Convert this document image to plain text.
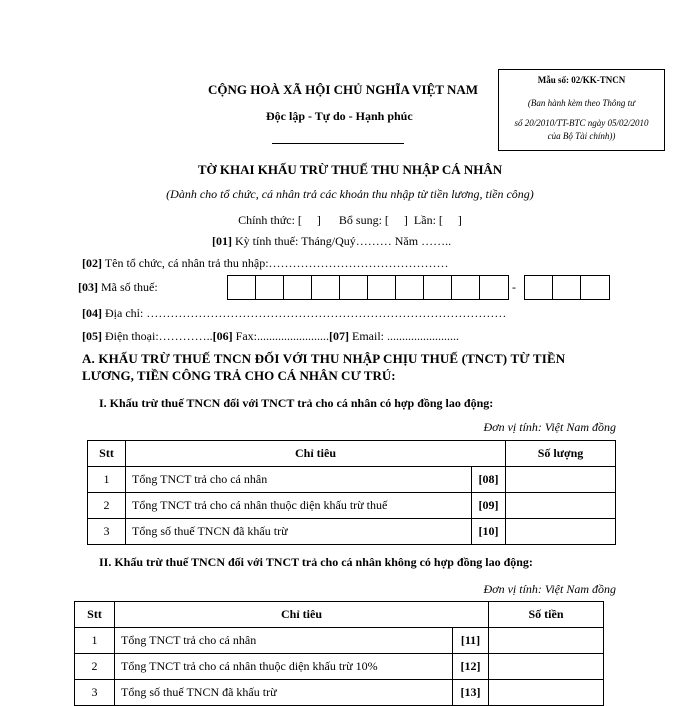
CỘNG HOÀ XÃ HỘI CHỦ NGHĨA VIỆT NAM
Độc lập - Tự do - Hạnh phúc
Mẫu số: 02/KK-TNCN
(Ban hành kèm theo Thông tư
số 20/2010/TT-BTC ngày 05/02/2010
của Bộ Tài chính))
TỜ KHAI KHẤU TRỪ THUẾ THU NHẬP CÁ NHÂN
(Dành cho tổ chức, cá nhân trả các khoản thu nhập từ tiền lương, tiền công)
Chính thức: [     ]      Bổ sung: [     ]  Lần: [     ]
[01] Kỳ tính thuế: Tháng/Quý……… Năm ……..
[02] Tên tổ chức, cá nhân trả thu nhập:………………………………………
[03] Mã số thuế:	-
[04] Địa chỉ: ………………………………………………………………………………
[05] Điện thoại:…………..[06] Fax:........................[07] Email: ........................
A. KHẤU TRỪ THUẾ TNCN ĐỐI VỚI THU NHẬP CHỊU THUẾ (TNCT) TỪ TIỀN
LƯƠNG, TIỀN CÔNG TRẢ CHO CÁ NHÂN CƯ TRÚ:
I. Khấu trừ thuế TNCN đối với TNCT trả cho cá nhân có hợp đồng lao động:
Đơn vị tính: Việt Nam đồng
Stt	Chỉ tiêu		Số lượng
1	Tổng TNCT trả cho cá nhân	[08]	
2	Tổng TNCT trả cho cá nhân thuộc diện khấu trừ thuế	[09]	
3	Tổng số thuế TNCN đã khấu trừ	[10]	
II. Khấu trừ thuế TNCN đối với TNCT trả cho cá nhân không có hợp đồng lao động:
Đơn vị tính: Việt Nam đồng
Stt	Chỉ tiêu		Số tiền
1	Tổng TNCT trả cho cá nhân	[11]	
2	Tổng TNCT trả cho cá nhân thuộc diện khấu trừ 10%	[12]	
3	Tổng số thuế TNCN đã khấu trừ	[13]	
